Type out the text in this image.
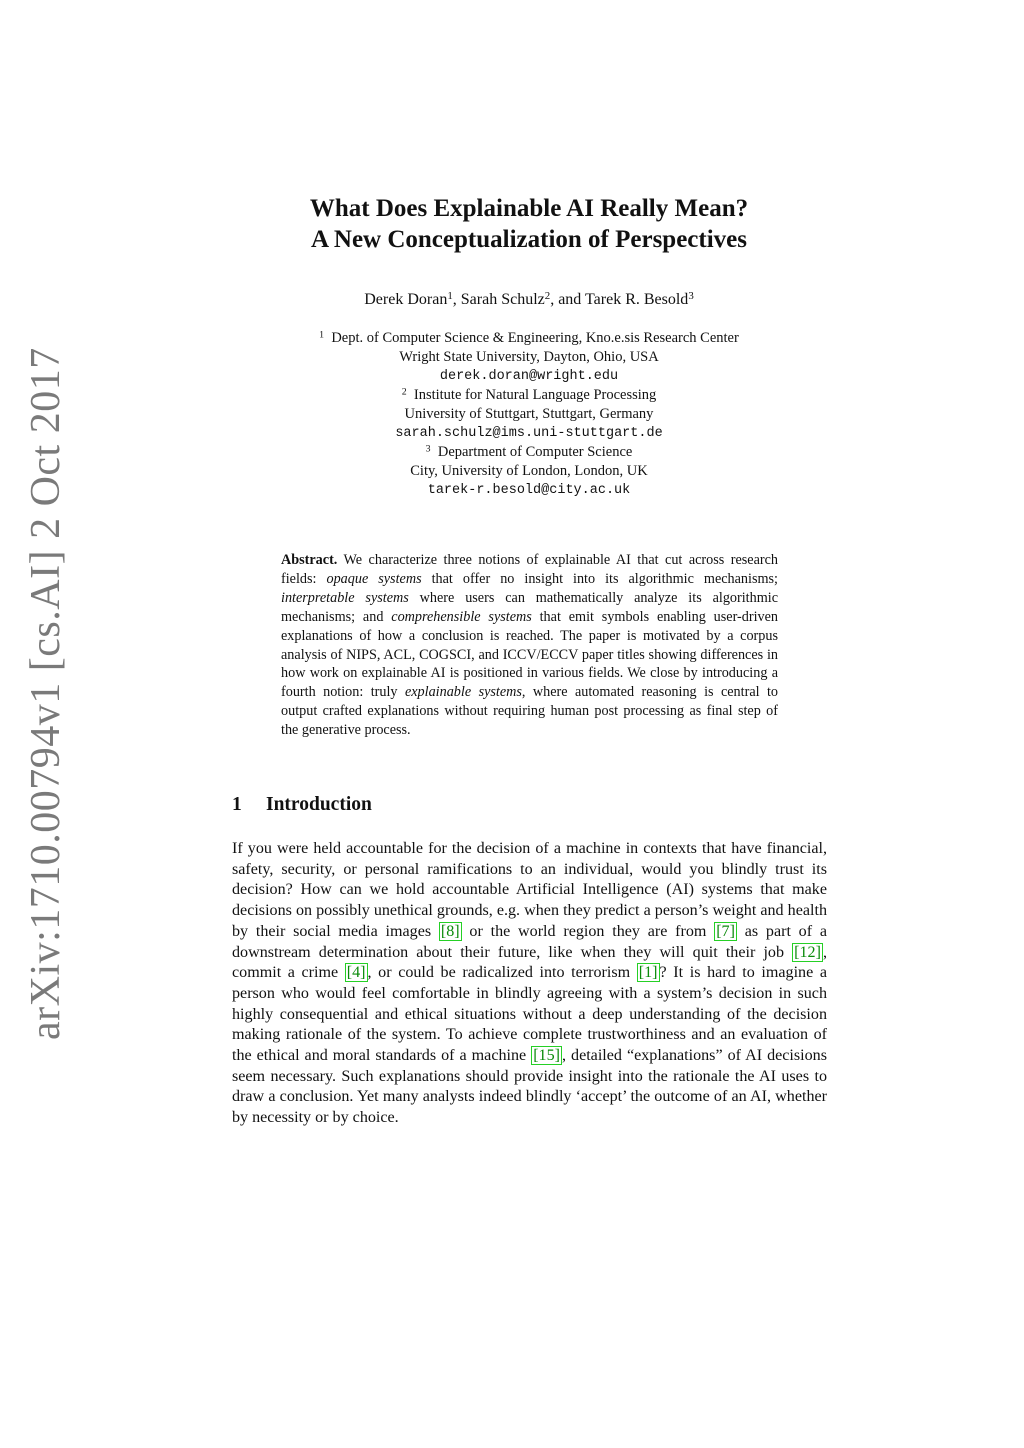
arXiv:1710.00794v1 [cs.AI] 2 Oct 2017
What Does Explainable AI Really Mean?
A New Conceptualization of Perspectives
Derek Doran$^1$, Sarah Schulz$^2$, and Tarek R. Besold$^3$
$^1$ Dept. of Computer Science & Engineering, Kno.e.sis Research Center
Wright State University, Dayton, Ohio, USA
derek.doran@wright.edu
$^2$ Institute for Natural Language Processing
University of Stuttgart, Stuttgart, Germany
sarah.schulz@ims.uni-stuttgart.de
$^3$ Department of Computer Science
City, University of London, London, UK
tarek-r.besold@city.ac.uk
Abstract. We characterize three notions of explainable AI that cut across research fields: opaque systems that offer no insight into its algorithmic mechanisms; interpretable systems where users can mathematically analyze its algorithmic mechanisms; and comprehensible systems that emit symbols enabling user-driven explanations of how a conclusion is reached. The paper is motivated by a corpus analysis of NIPS, ACL, COGSCI, and ICCV/ECCV paper titles showing differences in how work on explainable AI is positioned in various fields. We close by introducing a fourth notion: truly explainable systems, where automated reasoning is central to output crafted explanations without requiring human post processing as final step of the generative process.
1 Introduction
If you were held accountable for the decision of a machine in contexts that have financial, safety, security, or personal ramifications to an individual, would you blindly trust its decision? How can we hold accountable Artificial Intelligence (AI) systems that make decisions on possibly unethical grounds, e.g. when they predict a person’s weight and health by their social media images [8] or the world region they are from [7] as part of a downstream determination about their future, like when they will quit their job [12] , commit a crime [4] , or could be radicalized into terrorism [1] ? It is hard to imagine a person who would feel comfortable in blindly agreeing with a system’s decision in such highly consequential and ethical situations without a deep understanding of the decision making rationale of the system. To achieve complete trustworthiness and an evaluation of the ethical and moral standards of a machine [15] , detailed “explanations” of AI decisions seem necessary. Such explanations should provide insight into the rationale the AI uses to draw a conclusion. Yet many analysts indeed blindly ‘accept’ the outcome of an AI, whether by necessity or by choice.
